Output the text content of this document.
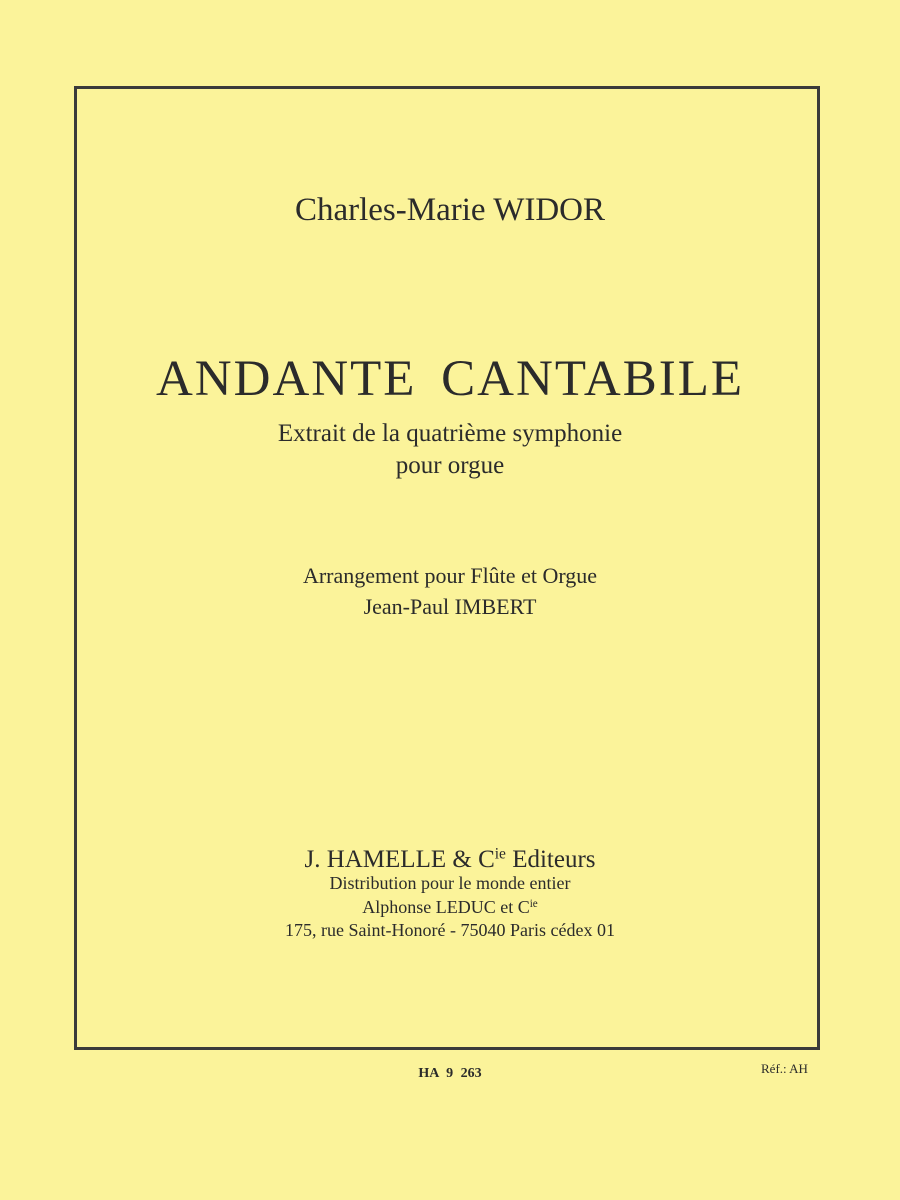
Charles-Marie WIDOR
ANDANTE CANTABILE
Extrait de la quatrième symphonie
pour orgue
Arrangement pour Flûte et Orgue
Jean-Paul IMBERT
J. HAMELLE & $C^{ie}$ Editeurs
Distribution pour le monde entier
Alphonse LEDUC et $C^{ie}$
175, rue Saint-Honoré - 75040 Paris cédex 01
HA 9 263	Réf.: AH
